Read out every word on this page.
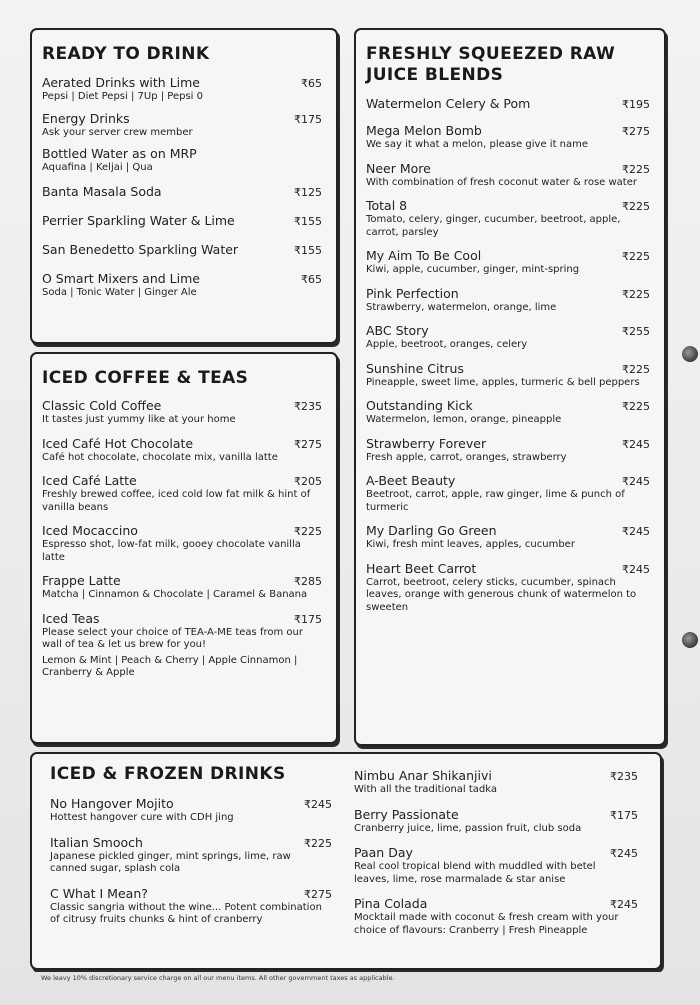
READY TO DRINK
Aerated Drinks with Lime	₹65
Pepsi | Diet Pepsi | 7Up | Pepsi 0
Energy Drinks	₹175
Ask your server crew member
Bottled Water as on MRP
Aquafina | Keljai | Qua
Banta Masala Soda	₹125
Perrier Sparkling Water & Lime	₹155
San Benedetto Sparkling Water	₹155
O Smart Mixers and Lime	₹65
Soda | Tonic Water | Ginger Ale
ICED COFFEE & TEAS
Classic Cold Coffee	₹235
It tastes just yummy like at your home
Iced Café Hot Chocolate	₹275
Café hot chocolate, chocolate mix, vanilla latte
Iced Café Latte	₹205
Freshly brewed coffee, iced cold low fat milk & hint of vanilla beans
Iced Mocaccino	₹225
Espresso shot, low-fat milk, gooey chocolate vanilla latte
Frappe Latte	₹285
Matcha | Cinnamon & Chocolate | Caramel & Banana
Iced Teas	₹175
Please select your choice of TEA-A-ME teas from our wall of tea & let us brew for you!
Lemon & Mint | Peach & Cherry | Apple Cinnamon | Cranberry & Apple
FRESHLY SQUEEZED RAW JUICE BLENDS
Watermelon Celery & Pom	₹195
Mega Melon Bomb	₹275
We say it what a melon, please give it name
Neer More	₹225
With combination of fresh coconut water & rose water
Total 8	₹225
Tomato, celery, ginger, cucumber, beetroot, apple, carrot, parsley
My Aim To Be Cool	₹225
Kiwi, apple, cucumber, ginger, mint-spring
Pink Perfection	₹225
Strawberry, watermelon, orange, lime
ABC Story	₹255
Apple, beetroot, oranges, celery
Sunshine Citrus	₹225
Pineapple, sweet lime, apples, turmeric & bell peppers
Outstanding Kick	₹225
Watermelon, lemon, orange, pineapple
Strawberry Forever	₹245
Fresh apple, carrot, oranges, strawberry
A-Beet Beauty	₹245
Beetroot, carrot, apple, raw ginger, lime & punch of turmeric
My Darling Go Green	₹245
Kiwi, fresh mint leaves, apples, cucumber
Heart Beet Carrot	₹245
Carrot, beetroot, celery sticks, cucumber, spinach leaves, orange with generous chunk of watermelon to sweeten
ICED & FROZEN DRINKS
No Hangover Mojito	₹245
Hottest hangover cure with CDH jing
Italian Smooch	₹225
Japanese pickled ginger, mint springs, lime, raw canned sugar, splash cola
C What I Mean?	₹275
Classic sangria without the wine... Potent combination of citrusy fruits chunks & hint of cranberry
Nimbu Anar Shikanjivi	₹235
With all the traditional tadka
Berry Passionate	₹175
Cranberry juice, lime, passion fruit, club soda
Paan Day	₹245
Real cool tropical blend with muddled with betel leaves, lime, rose marmalade & star anise
Pina Colada	₹245
Mocktail made with coconut & fresh cream with your choice of flavours: Cranberry | Fresh Pineapple
We leavy 10% discretionary service charge on all our menu items. All other government taxes as applicable.
